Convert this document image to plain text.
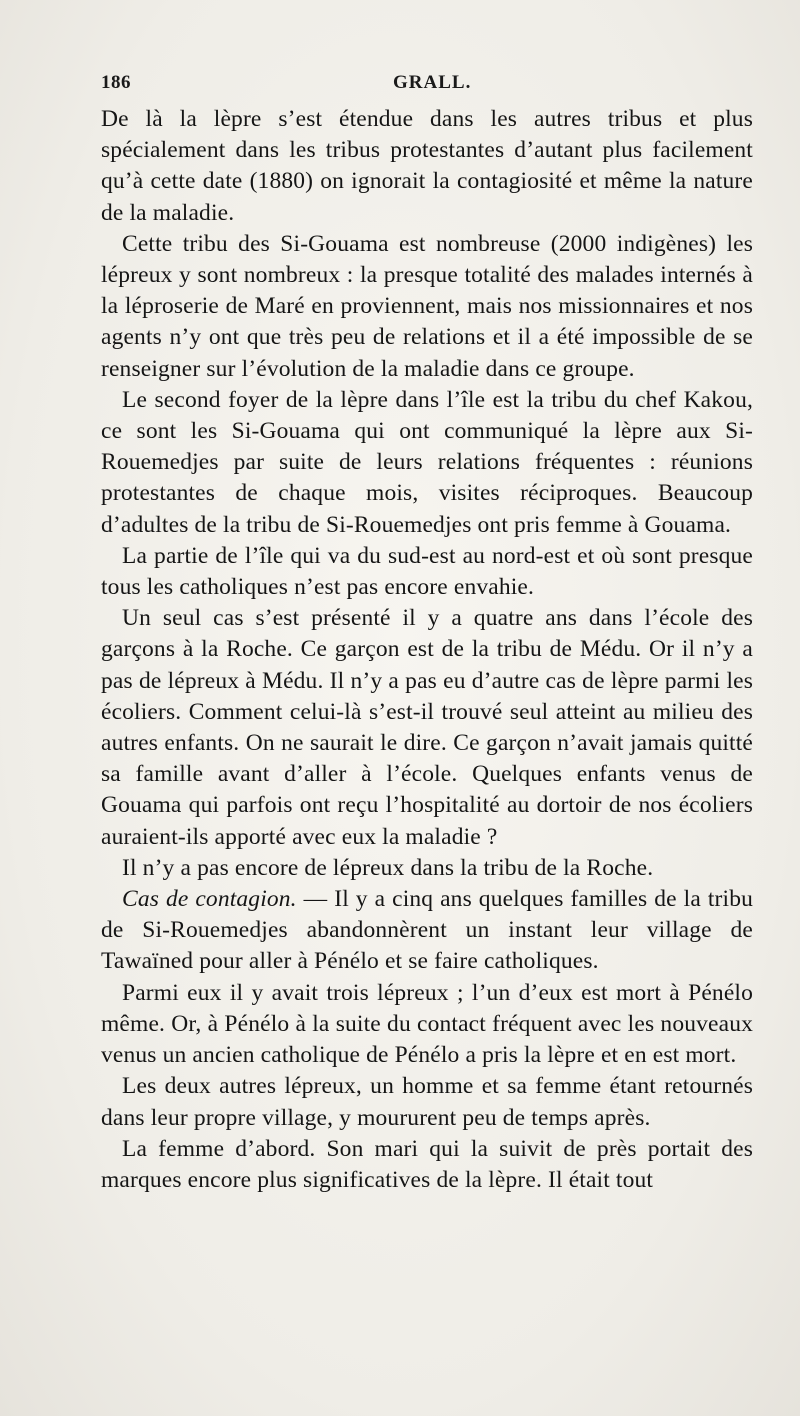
186	GRALL.

De là la lèpre s’est étendue dans les autres tribus et plus spécialement dans les tribus protestantes d’autant plus facilement qu’à cette date (1880) on ignorait la contagiosité et même la nature de la maladie.

Cette tribu des Si-Gouama est nombreuse (2000 indigènes) les lépreux y sont nombreux : la presque totalité des malades internés à la léproserie de Maré en proviennent, mais nos missionnaires et nos agents n’y ont que très peu de relations et il a été impossible de se renseigner sur l’évolution de la maladie dans ce groupe.

Le second foyer de la lèpre dans l’île est la tribu du chef Kakou, ce sont les Si-Gouama qui ont communiqué la lèpre aux Si-Rouemedjes par suite de leurs relations fréquentes : réunions protestantes de chaque mois, visites réciproques. Beaucoup d’adultes de la tribu de Si-Rouemedjes ont pris femme à Gouama.

La partie de l’île qui va du sud-est au nord-est et où sont presque tous les catholiques n’est pas encore envahie.

Un seul cas s’est présenté il y a quatre ans dans l’école des garçons à la Roche. Ce garçon est de la tribu de Médu. Or il n’y a pas de lépreux à Médu. Il n’y a pas eu d’autre cas de lèpre parmi les écoliers. Comment celui-là s’est-il trouvé seul atteint au milieu des autres enfants. On ne saurait le dire. Ce garçon n’avait jamais quitté sa famille avant d’aller à l’école. Quelques enfants venus de Gouama qui parfois ont reçu l’hospitalité au dortoir de nos écoliers auraient-ils apporté avec eux la maladie ?

Il n’y a pas encore de lépreux dans la tribu de la Roche.

Cas de contagion. — Il y a cinq ans quelques familles de la tribu de Si-Rouemedjes abandonnèrent un instant leur village de Tawaïned pour aller à Pénélo et se faire catholiques.

Parmi eux il y avait trois lépreux ; l’un d’eux est mort à Pénélo même. Or, à Pénélo à la suite du contact fréquent avec les nouveaux venus un ancien catholique de Pénélo a pris la lèpre et en est mort.

Les deux autres lépreux, un homme et sa femme étant retournés dans leur propre village, y moururent peu de temps après.

La femme d’abord. Son mari qui la suivit de près portait des marques encore plus significatives de la lèpre. Il était tout
